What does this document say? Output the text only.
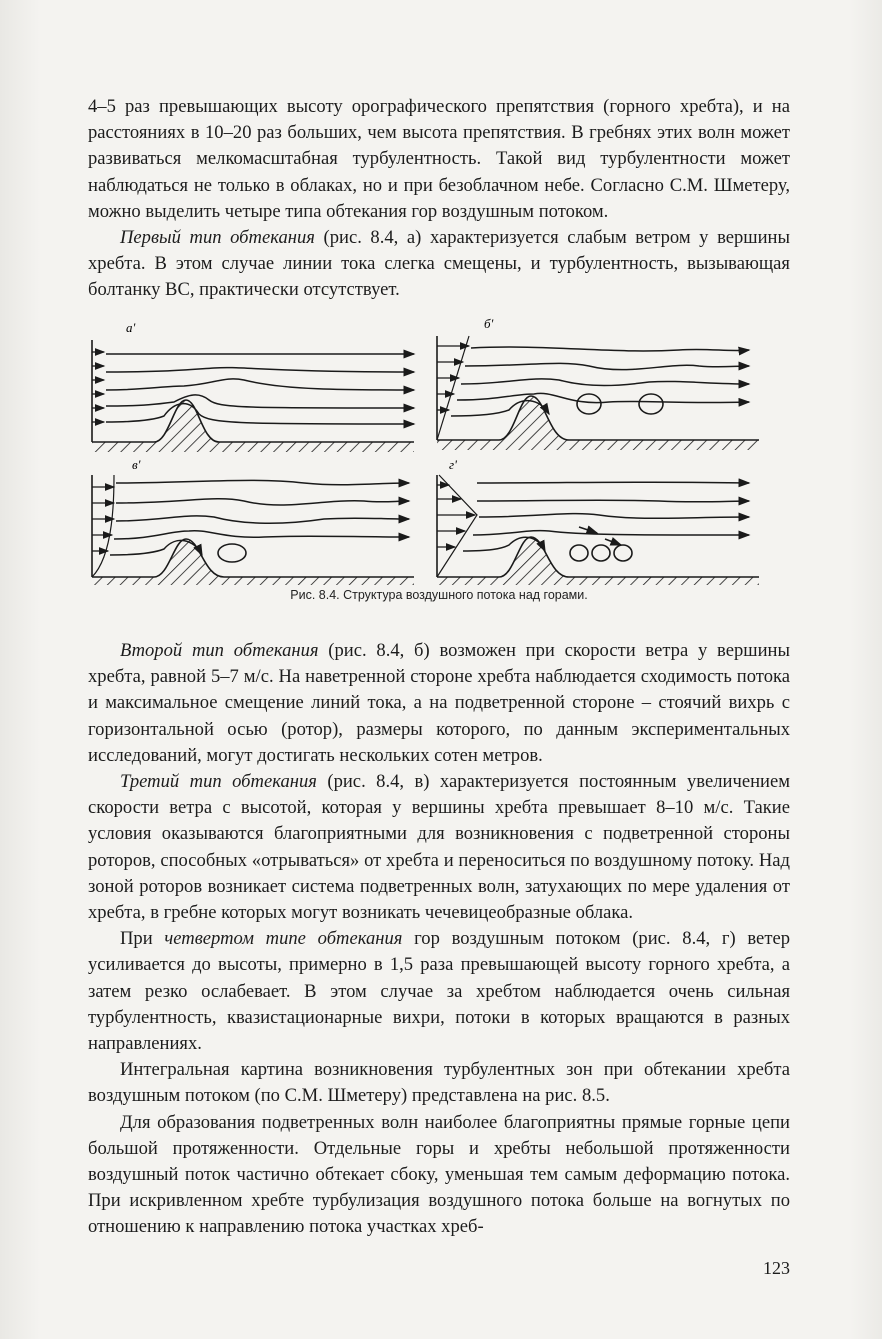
4–5 раз превышающих высоту орографического препятствия (горного хребта), и на расстояниях в 10–20 раз больших, чем высота препятствия. В гребнях этих волн может развиваться мелкомасштабная турбулентность. Такой вид турбулентности может наблюдаться не только в облаках, но и при безоблачном небе. Согласно С.М. Шметеру, можно выделить четыре типа обтекания гор воздушным потоком.

Первый тип обтекания (рис. 8.4, а) характеризуется слабым ветром у вершины хребта. В этом случае линии тока слегка смещены, и турбулентность, вызывающая болтанку ВС, практически отсутствует.

а'	б'
в'	г'
Рис. 8.4. Структура воздушного потока над горами.

Второй тип обтекания (рис. 8.4, б) возможен при скорости ветра у вершины хребта, равной 5–7 м/с. На наветренной стороне хребта наблюдается сходимость потока и максимальное смещение линий тока, а на подветренной стороне – стоячий вихрь с горизонтальной осью (ротор), размеры которого, по данным экспериментальных исследований, могут достигать нескольких сотен метров.

Третий тип обтекания (рис. 8.4, в) характеризуется постоянным увеличением скорости ветра с высотой, которая у вершины хребта превышает 8–10 м/с. Такие условия оказываются благоприятными для возникновения с подветренной стороны роторов, способных «отрываться» от хребта и переноситься по воздушному потоку. Над зоной роторов возникает система подветренных волн, затухающих по мере удаления от хребта, в гребне которых могут возникать чечевицеобразные облака.

При четвертом типе обтекания гор воздушным потоком (рис. 8.4, г) ветер усиливается до высоты, примерно в 1,5 раза превышающей высоту горного хребта, а затем резко ослабевает. В этом случае за хребтом наблюдается очень сильная турбулентность, квазистационарные вихри, потоки в которых вращаются в разных направлениях.

Интегральная картина возникновения турбулентных зон при обтекании хребта воздушным потоком (по С.М. Шметеру) представлена на рис. 8.5.

Для образования подветренных волн наиболее благоприятны прямые горные цепи большой протяженности. Отдельные горы и хребты небольшой протяженности воздушный поток частично обтекает сбоку, уменьшая тем самым деформацию потока. При искривленном хребте турбулизация воздушного потока больше на вогнутых по отношению к направлению потока участках хреб-

123
